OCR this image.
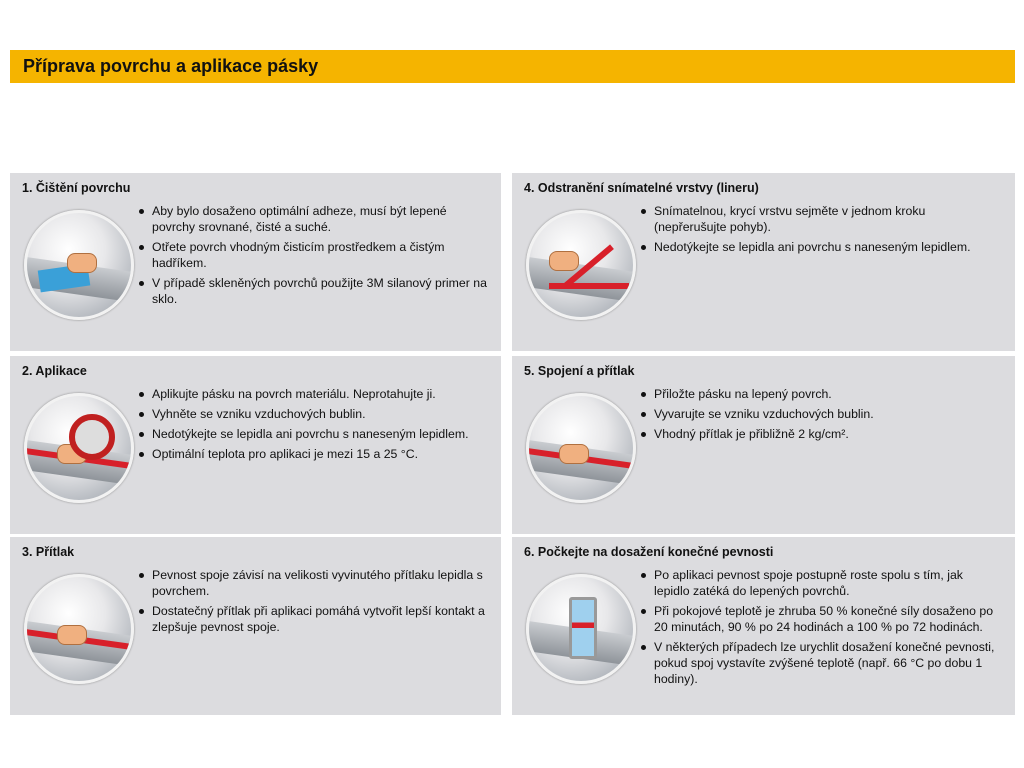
Příprava povrchu a aplikace pásky
1. Čištění povrchu
Aby bylo dosaženo optimální adheze, musí být lepené povrchy srovnané, čisté a suché.
Otřete povrch vhodným čisticím prostředkem a čistým hadříkem.
V případě skleněných povrchů použijte 3M silanový primer na sklo.
2. Aplikace
Aplikujte pásku na povrch materiálu. Neprotahujte ji.
Vyhněte se vzniku vzduchových bublin.
Nedotýkejte se lepidla ani povrchu s naneseným lepidlem.
Optimální teplota pro aplikaci je mezi 15 a 25 °C.
3. Přítlak
Pevnost spoje závisí na velikosti vyvinutého přítlaku lepidla s povrchem.
Dostatečný přítlak při aplikaci pomáhá vytvořit lepší kontakt a zlepšuje pevnost spoje.
4. Odstranění snímatelné vrstvy (lineru)
Snímatelnou, krycí vrstvu sejměte v jednom kroku (nepřerušujte pohyb).
Nedotýkejte se lepidla ani povrchu s naneseným lepidlem.
5. Spojení a přítlak
Přiložte pásku na lepený povrch.
Vyvarujte se vzniku vzduchových bublin.
Vhodný přítlak je přibližně 2 kg/cm².
6. Počkejte na dosažení konečné pevnosti
Po aplikaci pevnost spoje postupně roste spolu s tím, jak lepidlo zatéká do lepených povrchů.
Při pokojové teplotě je zhruba 50 % konečné síly dosaženo po 20 minutách, 90 % po 24 hodinách a 100 % po 72 hodinách.
V některých případech lze urychlit dosažení konečné pevnosti, pokud spoj vystavíte zvýšené teplotě (např. 66 °C po dobu 1 hodiny).
